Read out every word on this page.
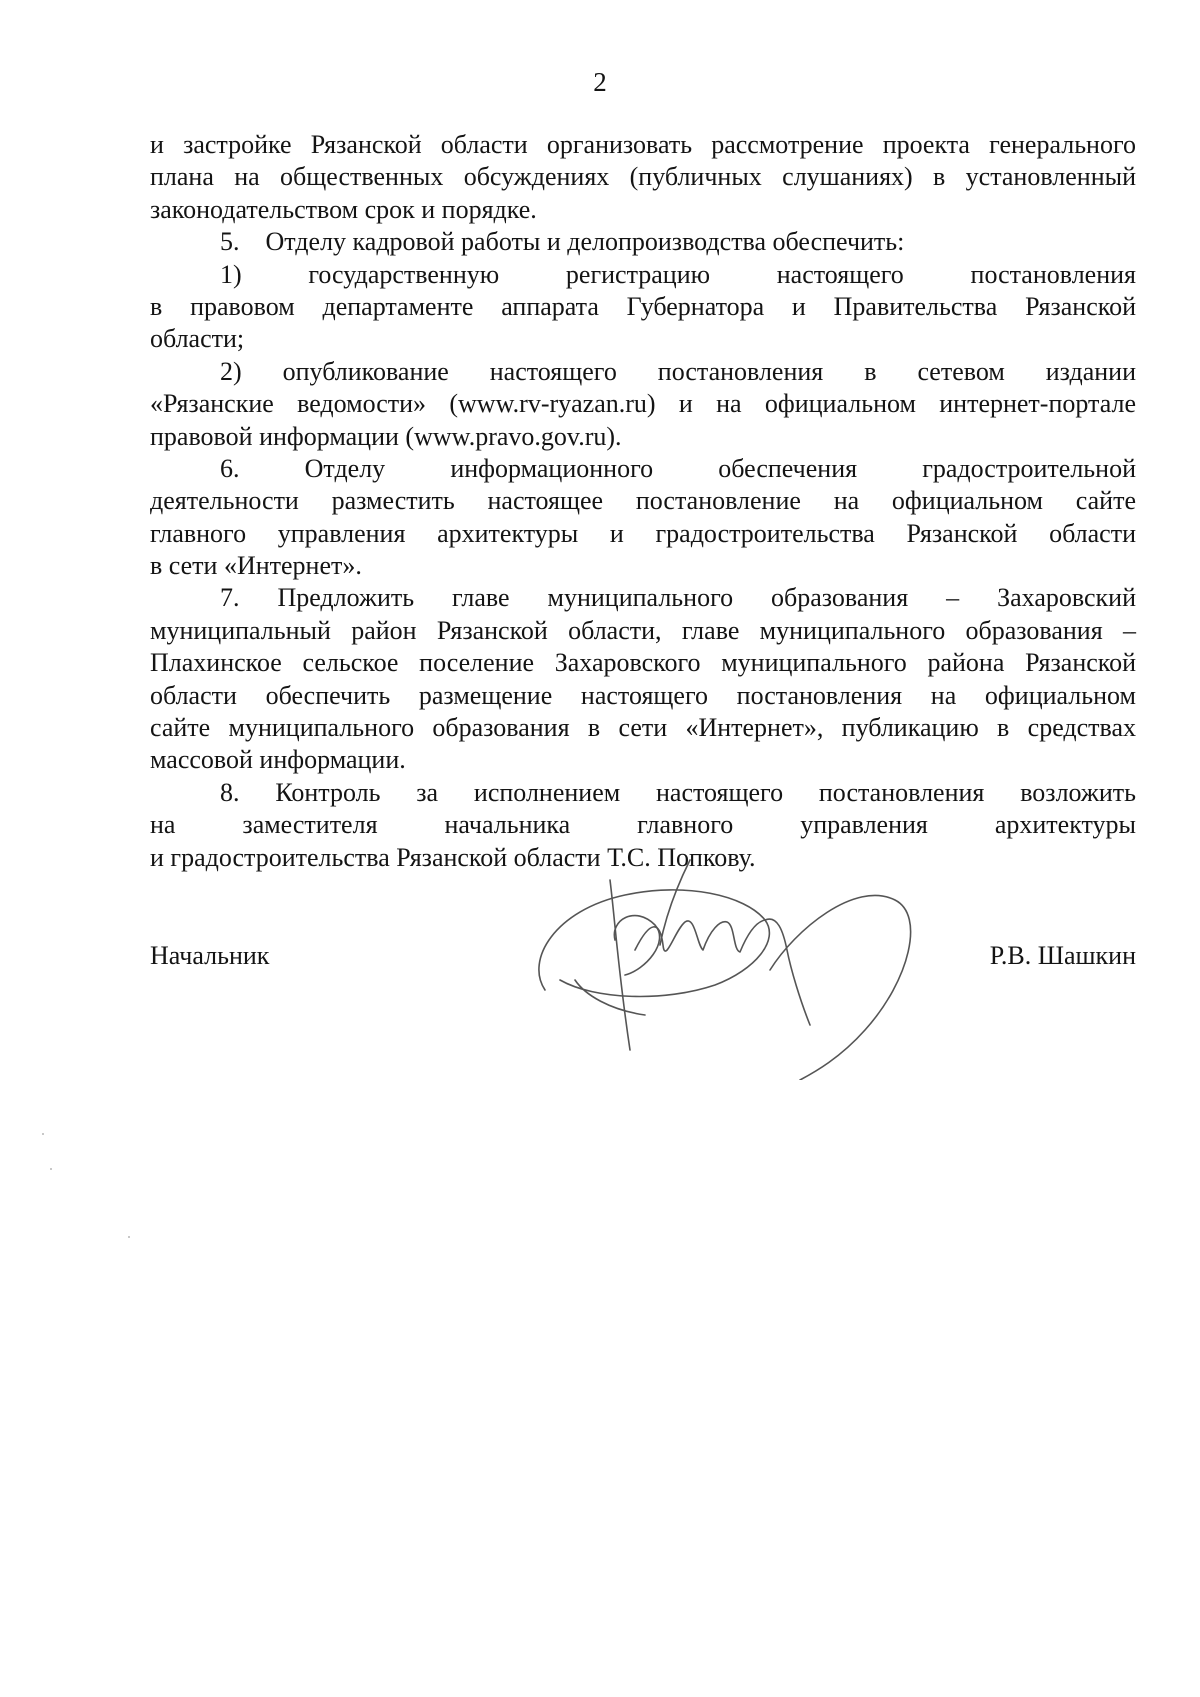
2
и застройке Рязанской области организовать рассмотрение проекта генерального
плана на общественных обсуждениях (публичных слушаниях) в установленный
законодательством срок и порядке.
5. Отделу кадровой работы и делопроизводства обеспечить:
1) государственную регистрацию настоящего постановления
в правовом департаменте аппарата Губернатора и Правительства Рязанской
области;
2) опубликование настоящего постановления в сетевом издании
«Рязанские ведомости» (www.rv-ryazan.ru) и на официальном интернет-портале
правовой информации (www.pravo.gov.ru).
6. Отделу информационного обеспечения градостроительной
деятельности разместить настоящее постановление на официальном сайте
главного управления архитектуры и градостроительства Рязанской области
в сети «Интернет».
7. Предложить главе муниципального образования – Захаровский
муниципальный район Рязанской области, главе муниципального образования –
Плахинское сельское поселение Захаровского муниципального района Рязанской
области обеспечить размещение настоящего постановления на официальном
сайте муниципального образования в сети «Интернет», публикацию в средствах
массовой информации.
8. Контроль за исполнением настоящего постановления возложить
на заместителя начальника главного управления архитектуры
и градостроительства Рязанской области Т.С. Попкову.
Начальник	Р.В. Шашкин
